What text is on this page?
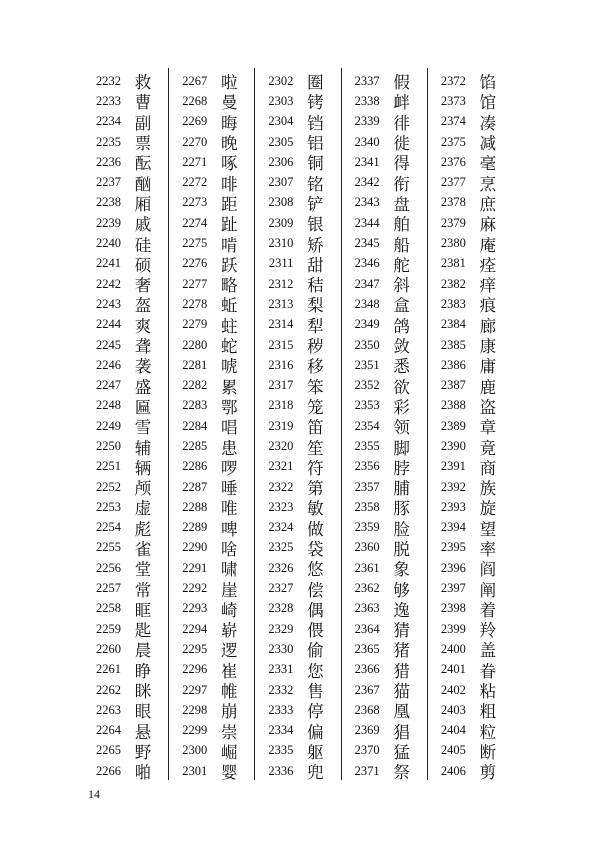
2232 救
2233 曹
2234 副
2235 票
2236 酝
2237 酗
2238 厢
2239 戚
2240 硅
2241 硕
2242 奢
2243 盔
2244 爽
2245 聋
2246 袭
2247 盛
2248 匾
2249 雪
2250 辅
2251 辆
2252 颅
2253 虚
2254 彪
2255 雀
2256 堂
2257 常
2258 眶
2259 匙
2260 晨
2261 睁
2262 眯
2263 眼
2264 悬
2265 野
2266 啪
2267 啦
2268 曼
2269 晦
2270 晚
2271 啄
2272 啡
2273 距
2274 趾
2275 啃
2276 跃
2277 略
2278 蚯
2279 蛀
2280 蛇
2281 唬
2282 累
2283 鄂
2284 唱
2285 患
2286 啰
2287 唾
2288 唯
2289 啤
2290 啥
2291 啸
2292 崖
2293 崎
2294 崭
2295 逻
2296 崔
2297 帷
2298 崩
2299 崇
2300 崛
2301 婴
2302 圈
2303 铐
2304 铛
2305 铝
2306 铜
2307 铭
2308 铲
2309 银
2310 矫
2311 甜
2312 秸
2313 梨
2314 犁
2315 秽
2316 移
2317 笨
2318 笼
2319 笛
2320 笙
2321 符
2322 第
2323 敏
2324 做
2325 袋
2326 悠
2327 偿
2328 偶
2329 偎
2330 偷
2331 您
2332 售
2333 停
2334 偏
2335 躯
2336 兜
2337 假
2338 衅
2339 徘
2340 徙
2341 得
2342 衔
2343 盘
2344 舶
2345 船
2346 舵
2347 斜
2348 盒
2349 鸽
2350 敛
2351 悉
2352 欲
2353 彩
2354 领
2355 脚
2356 脖
2357 脯
2358 豚
2359 脸
2360 脱
2361 象
2362 够
2363 逸
2364 猜
2365 猪
2366 猎
2367 猫
2368 凰
2369 猖
2370 猛
2371 祭
2372 馅
2373 馆
2374 凑
2375 减
2376 毫
2377 烹
2378 庶
2379 麻
2380 庵
2381 痊
2382 痒
2383 痕
2384 廊
2385 康
2386 庸
2387 鹿
2388 盗
2389 章
2390 竟
2391 商
2392 族
2393 旋
2394 望
2395 率
2396 阎
2397 阐
2398 着
2399 羚
2400 盖
2401 眷
2402 粘
2403 粗
2404 粒
2405 断
2406 剪
14
